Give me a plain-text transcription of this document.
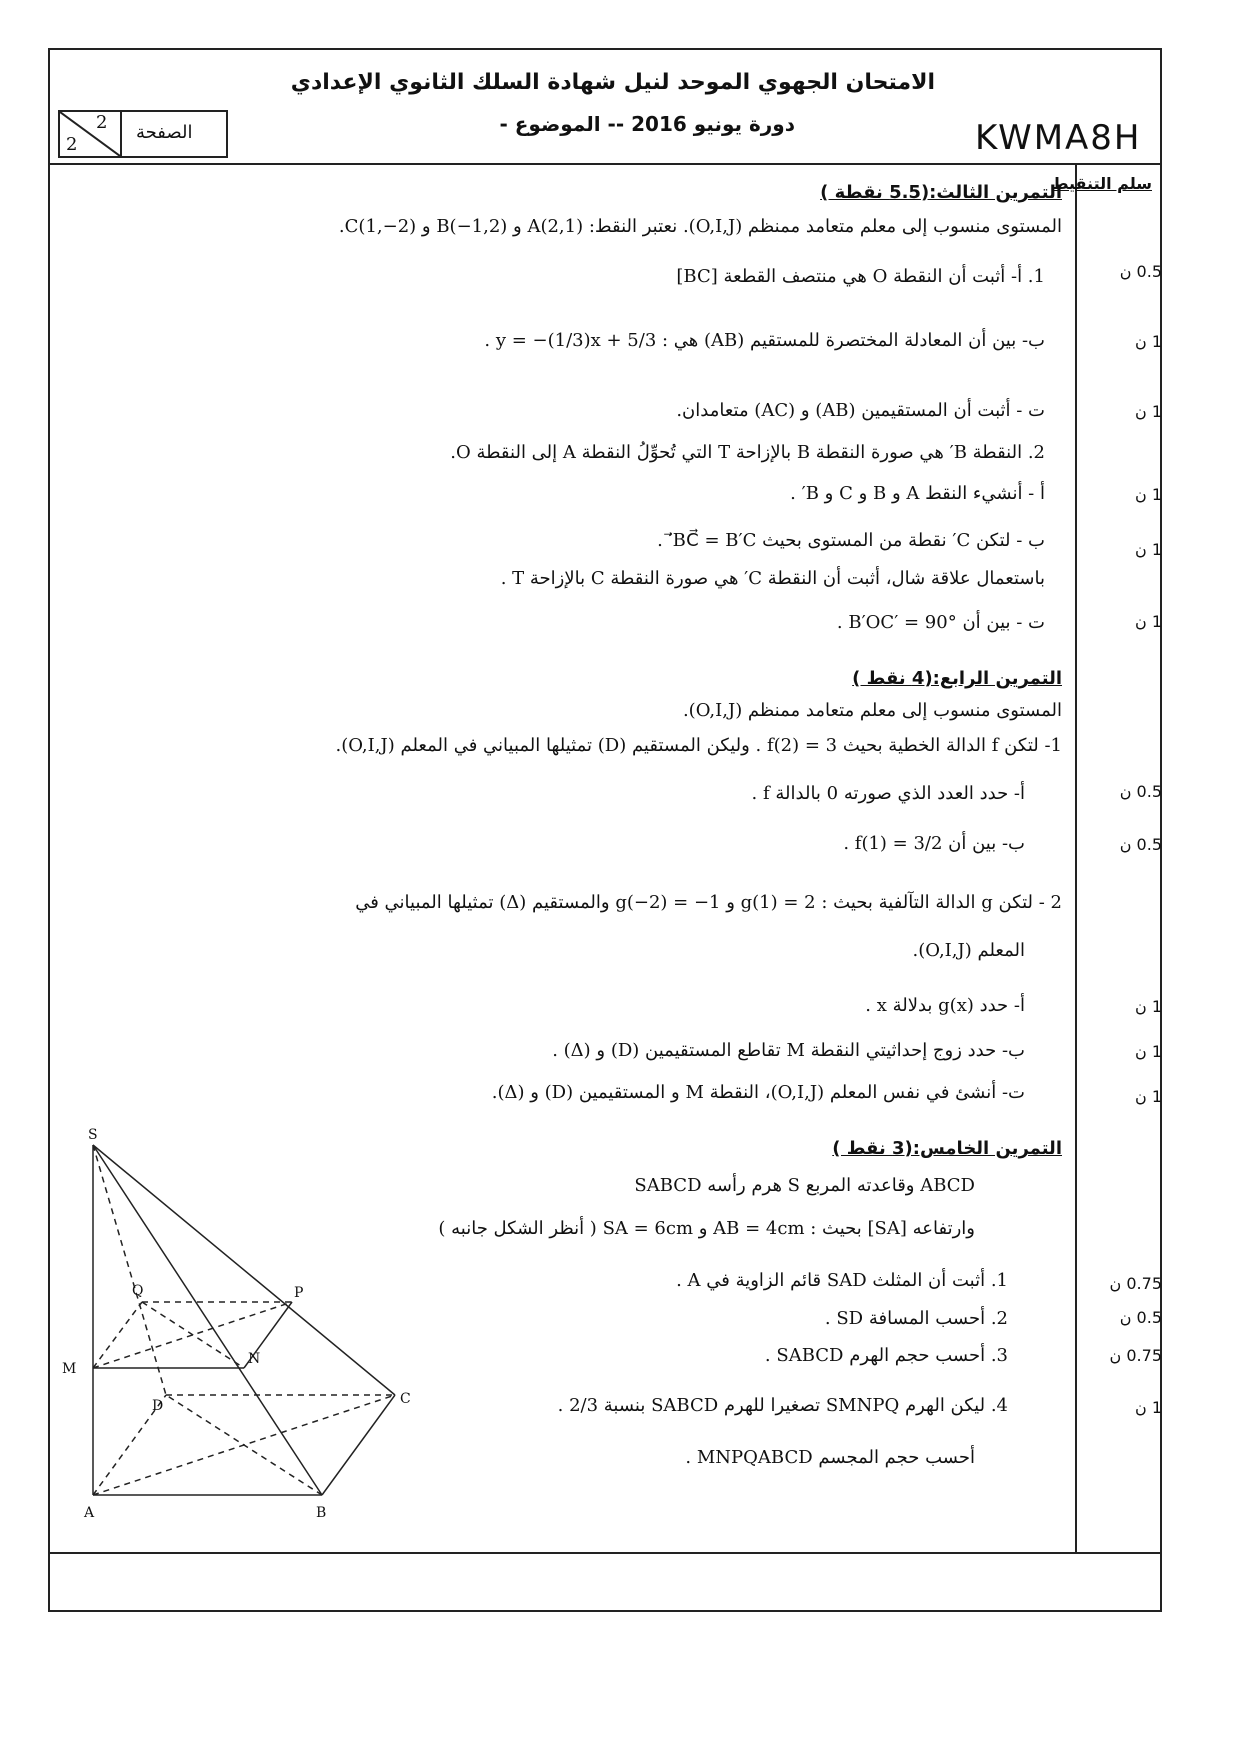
الامتحان الجهوي الموحد لنيل شهادة السلك الثانوي الإعدادي
دورة يونيو 2016 -- الموضوع -
2
2
الصفحة	KWMA8H
سلم التنقيط
التمرين الثالث:(5.5 نقطة )
المستوى منسوب إلى معلم متعامد ممنظم (O,I,J). نعتبر النقط: A(2,1) و B(−1,2) و C(1,−2).
1. أ- أثبت أن النقطة O هي منتصف القطعة [BC]
ب- بين أن المعادلة المختصرة للمستقيم (AB) هي : y = −(1/3)x + 5/3 .
ت - أثبت أن المستقيمين (AB) و (AC) متعامدان.
2. النقطة B′ هي صورة النقطة B بالإزاحة T التي تُحوِّلُ النقطة A إلى النقطة O.
أ - أنشيء النقط A و B و C و B′ .
ب - لتكن C′ نقطة من المستوى بحيث BC⃗ = B′C′⃗ .
باستعمال علاقة شال، أثبت أن النقطة C′ هي صورة النقطة C بالإزاحة T .
ت - بين أن B′OC′ = 90° .
0.5 ن
1 ن
1 ن
1 ن
1 ن
1 ن
التمرين الرابع:(4 نقط )
المستوى منسوب إلى معلم متعامد ممنظم (O,I,J).
1- لتكن f الدالة الخطية بحيث f(2) = 3 . وليكن المستقيم (D) تمثيلها المبياني في المعلم (O,I,J).
أ- حدد العدد الذي صورته 0 بالدالة f .
ب- بين أن f(1) = 3/2 .
2 - لتكن g الدالة التآلفية بحيث : g(1) = 2 و g(−2) = −1 والمستقيم (Δ) تمثيلها المبياني في
المعلم (O,I,J).
أ- حدد g(x) بدلالة x .
ب- حدد زوج إحداثيتي النقطة M تقاطع المستقيمين (D) و (Δ) .
ت- أنشئ في نفس المعلم (O,I,J)، النقطة M و المستقيمين (D) و (Δ).
0.5 ن
0.5 ن
1 ن
1 ن
1 ن
التمرين الخامس:(3 نقط )
SABCD هرم رأسه S وقاعدته المربع ABCD
وارتفاعه [SA] بحيث : AB = 4cm و SA = 6cm ( أنظر الشكل جانبه )
1. أثبت أن المثلث SAD قائم الزاوية في A .
2. أحسب المسافة SD .
3. أحسب حجم الهرم SABCD .
4. ليكن الهرم SMNPQ تصغيرا للهرم SABCD بنسبة 2/3 .
أحسب حجم المجسم MNPQABCD .
0.75 ن
0.5 ن
0.75 ن
1 ن
S
A	B
C
D
M
N
P
Q
